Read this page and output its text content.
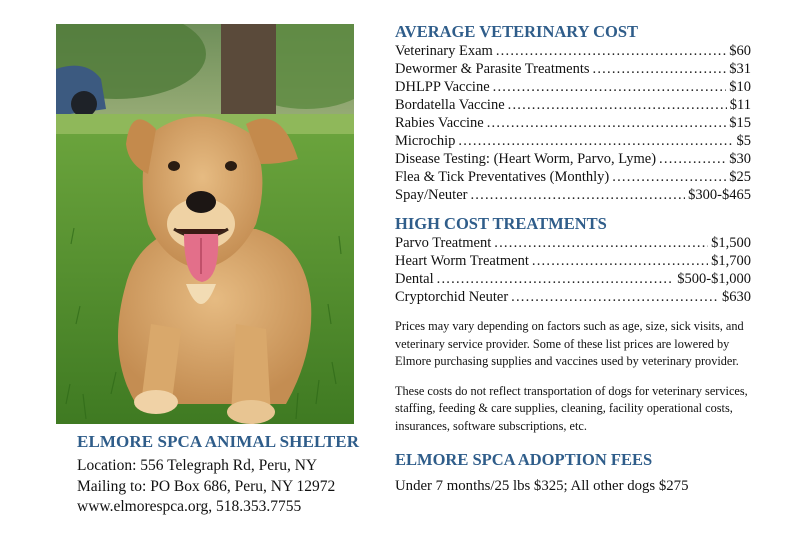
ELMORE SPCA ANIMAL SHELTER
Location: 556 Telegraph Rd, Peru, NY
Mailing to: PO Box 686, Peru, NY 12972
www.elmorespca.org, 518.353.7755
AVERAGE VETERINARY COST
Veterinary Exam .....	$60
Dewormer & Parasite Treatments .....	$31
DHLPP Vaccine .....	$10
Bordatella Vaccine .....	$11
Rabies Vaccine .....	$15
Microchip .....	$5
Disease Testing: (Heart Worm, Parvo, Lyme) .....	$30
Flea & Tick Preventatives (Monthly) .....	$25
Spay/Neuter .....	$300-$465
HIGH COST TREATMENTS
Parvo Treatment .....	$1,500
Heart Worm Treatment .....	$1,700
Dental .....	$500-$1,000
Cryptorchid Neuter .....	$630

Prices may vary depending on factors such as age, size, sick visits, and veterinary service provider. Some of these list prices are lowered by Elmore purchasing supplies and vaccines used by veterinary provider.

These costs do not reflect transportation of dogs for veterinary services, staffing, feeding & care supplies, cleaning, facility operational costs, insurances, software subscriptions, etc.

ELMORE SPCA ADOPTION FEES
Under 7 months/25 lbs $325; All other dogs $275
